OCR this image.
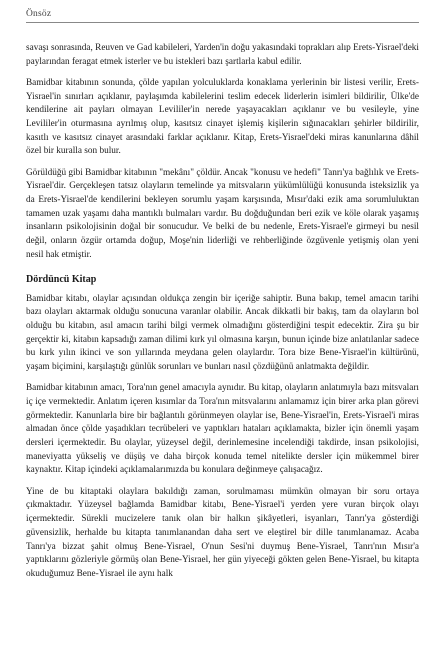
Önsöz

savaşı sonrasında, Reuven ve Gad kabileleri, Yarden'in doğu yakasındaki toprakları alıp Erets-Yisrael'deki paylarından feragat etmek isterler ve bu istekleri bazı şartlarla kabul edilir.

Bamidbar kitabının sonunda, çölde yapılan yolculuklarda konaklama yerlerinin bir listesi verilir, Erets-Yisrael'in sınırları açıklanır, paylaşımda kabilelerini teslim edecek liderlerin isimleri bildirilir, Ülke'de kendilerine ait payları olmayan Levililer'in nerede yaşayacakları açıklanır ve bu vesileyle, yine Levililer'in oturmasına ayrılmış olup, kasıtsız cinayet işlemiş kişilerin sığınacakları şehirler bildirilir, kasıtlı ve kasıtsız cinayet arasındaki farklar açıklanır. Kitap, Erets-Yisrael'deki miras kanunlarına dâhil özel bir kuralla son bulur.

Görüldüğü gibi Bamidbar kitabının "mekânı" çöldür. Ancak "konusu ve hedefi" Tanrı'ya bağlılık ve Erets-Yisrael'dir. Gerçekleşen tatsız olayların temelinde ya mitsvaların yükümlülüğü konusunda isteksizlik ya da Erets-Yisrael'de kendilerini bekleyen sorumlu yaşam karşısında, Mısır'daki ezik ama sorumluluktan tamamen uzak yaşamı daha mantıklı bulmaları vardır. Bu doğduğundan beri ezik ve köle olarak yaşamış insanların psikolojisinin doğal bir sonucudur. Ve belki de bu nedenle, Erets-Yisrael'e girmeyi bu nesil değil, onların özgür ortamda doğup, Moşe'nin liderliği ve rehberliğinde özgüvenle yetişmiş olan yeni nesil hak etmiştir.

Dördüncü Kitap

Bamidbar kitabı, olaylar açısından oldukça zengin bir içeriğe sahiptir. Buna bakıp, temel amacın tarihi bazı olayları aktarmak olduğu sonucuna varanlar olabilir. Ancak dikkatli bir bakış, tam da olayların bol olduğu bu kitabın, asıl amacın tarihi bilgi vermek olmadığını gösterdiğini tespit edecektir. Zira şu bir gerçektir ki, kitabın kapsadığı zaman dilimi kırk yıl olmasına karşın, bunun içinde bize anlatılanlar sadece bu kırk yılın ikinci ve son yıllarında meydana gelen olaylardır. Tora bize Bene-Yisrael'in kültürünü, yaşam biçimini, karşılaştığı günlük sorunları ve bunları nasıl çözdüğünü anlatmakta değildir.

Bamidbar kitabının amacı, Tora'nın genel amacıyla aynıdır. Bu kitap, olayların anlatımıyla bazı mitsvaları iç içe vermektedir. Anlatım içeren kısımlar da Tora'nın mitsvalarını anlamamız için birer arka plan görevi görmektedir. Kanunlarla bire bir bağlantılı görünmeyen olaylar ise, Bene-Yisrael'in, Erets-Yisrael'i miras almadan önce çölde yaşadıkları tecrübeleri ve yaptıkları hataları açıklamakta, bizler için önemli yaşam dersleri içermektedir. Bu olaylar, yüzeysel değil, derinlemesine incelendiği takdirde, insan psikolojisi, maneviyatta yükseliş ve düşüş ve daha birçok konuda temel nitelikte dersler için mükemmel birer kaynaktır. Kitap içindeki açıklamalarımızda bu konulara değinmeye çalışacağız.

Yine de bu kitaptaki olaylara bakıldığı zaman, sorulmaması mümkün olmayan bir soru ortaya çıkmaktadır. Yüzeysel bağlamda Bamidbar kitabı, Bene-Yisrael'i yerden yere vuran birçok olayı içermektedir. Sürekli mucizelere tanık olan bir halkın şikâyetleri, isyanları, Tanrı'ya gösterdiği güvensizlik, herhalde bu kitapta tanımlanandan daha sert ve eleştirel bir dille tanımlanamaz. Acaba Tanrı'ya bizzat şahit olmuş Bene-Yisrael, O'nun Sesi'ni duymuş Bene-Yisrael, Tanrı'nın Mısır'a yaptıklarını gözleriyle görmüş olan Bene-Yisrael, her gün yiyeceği gökten gelen Bene-Yisrael, bu kitapta okuduğumuz Bene-Yisrael ile aynı halk
